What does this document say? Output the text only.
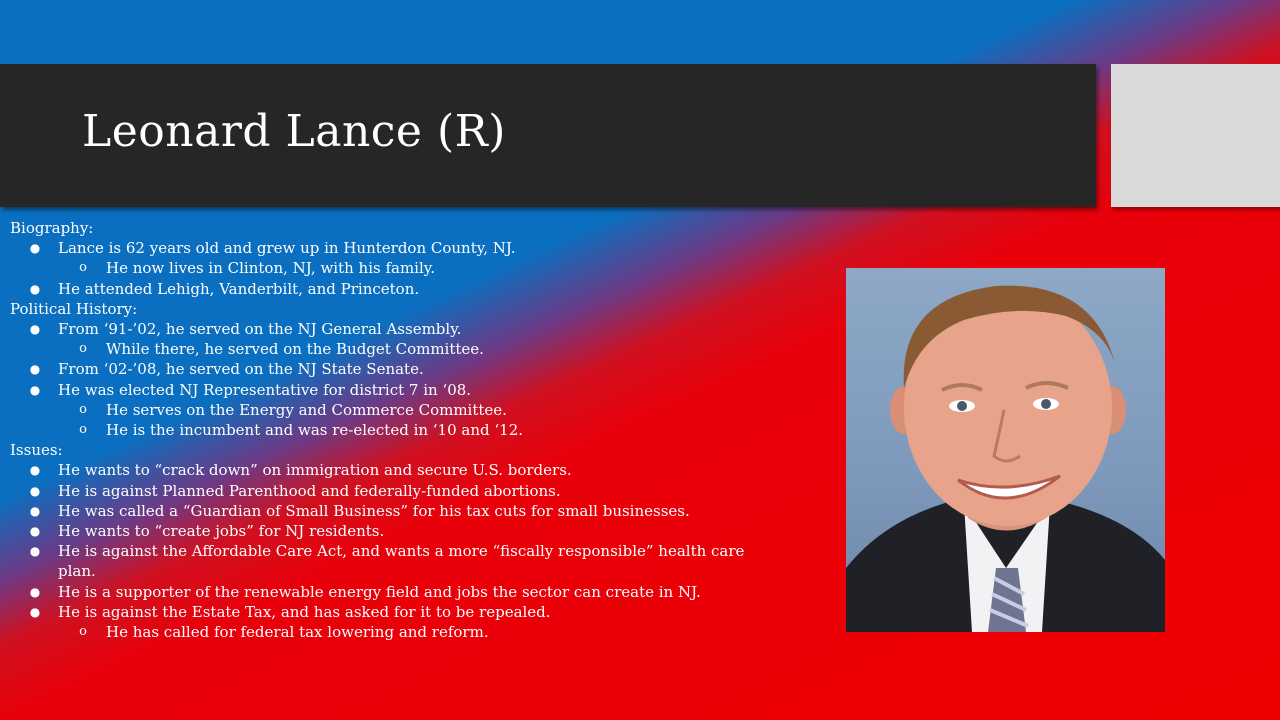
Leonard Lance (R)

Biography:

● Lance is 62 years old and grew up in Hunterdon County, NJ.
o He now lives in Clinton, NJ, with his family.
● He attended Lehigh, Vanderbilt, and Princeton.

Political History:

● From ‘91-’02, he served on the NJ General Assembly.
o While there, he served on the Budget Committee.
● From ‘02-’08, he served on the NJ State Senate.
● He was elected NJ Representative for district 7 in ‘08.
o He serves on the Energy and Commerce Committee.
o He is the incumbent and was re-elected in ‘10 and ‘12.

Issues:

● He wants to “crack down” on immigration and secure U.S. borders.
● He is against Planned Parenthood and federally-funded abortions.
● He was called a “Guardian of Small Business” for his tax cuts for small businesses.
● He wants to “create jobs” for NJ residents.
● He is against the Affordable Care Act, and wants a more “fiscally responsible” health care plan.
● He is a supporter of the renewable energy field and jobs the sector can create in NJ.
● He is against the Estate Tax, and has asked for it to be repealed.
o He has called for federal tax lowering and reform.
